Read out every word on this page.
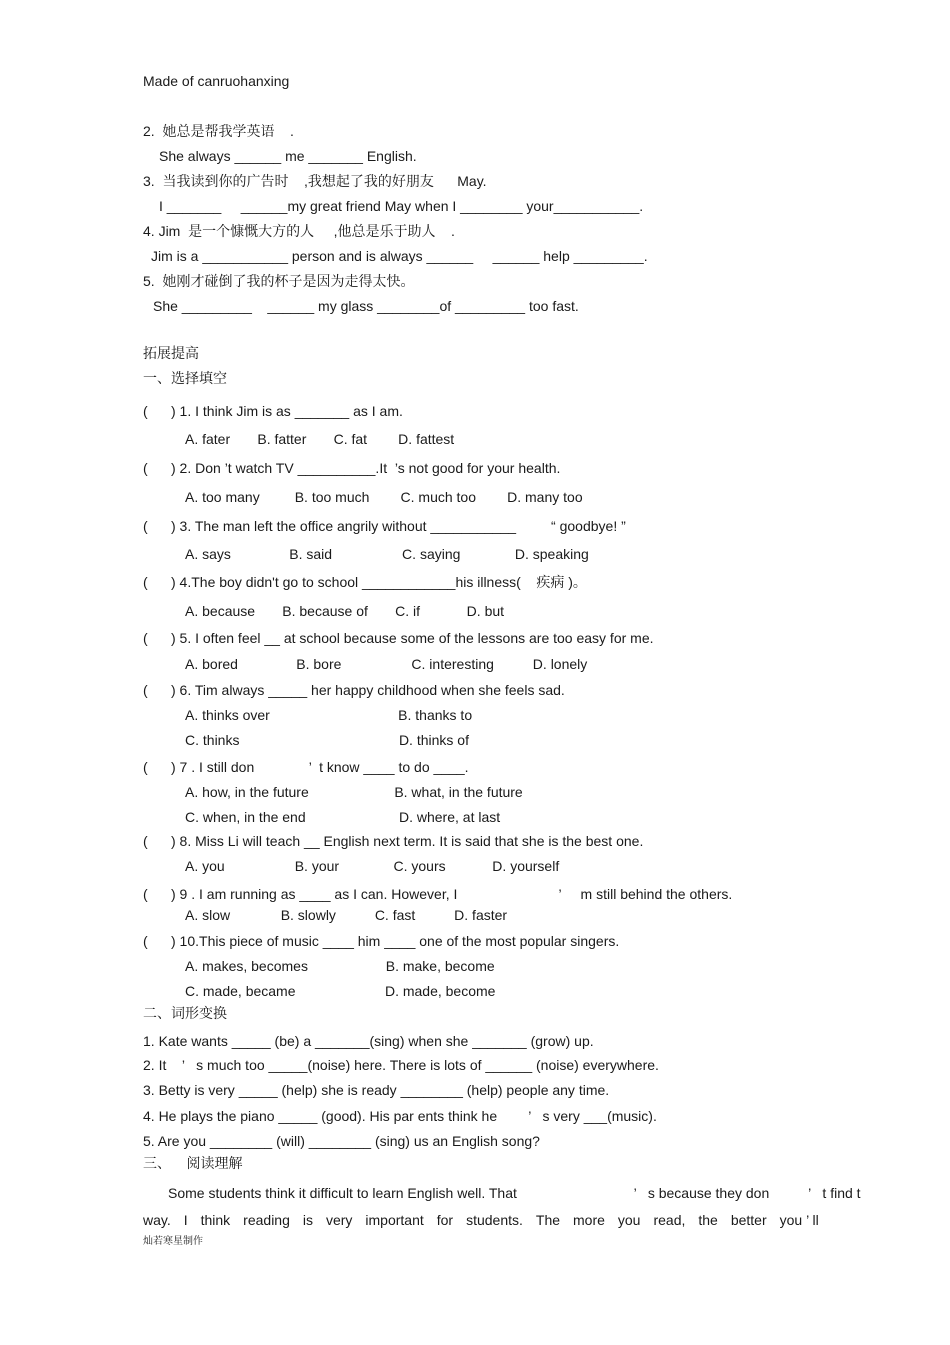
Made of canruohanxing
2.  她总是帮我学英语    .
She always ______ me _______ English.
3.  当我读到你的广告时    ,我想起了我的好朋友      May.
I _______     ______my great friend May when I ________ your___________.
4. Jim  是一个慷慨大方的人     ,他总是乐于助人    .
Jim is a ___________ person and is always ______     ______ help _________.
5.  她刚才碰倒了我的杯子是因为走得太快。
She _________    ______ my glass ________of _________ too fast.
拓展提高
一、选择填空
(      ) 1. I think Jim is as _______ as I am.
A. fater       B. fatter       C. fat        D. fattest
(      ) 2. Don ’t watch TV __________.It  ’s not good for your health.
A. too many         B. too much        C. much too        D. many too
(      ) 3. The man left the office angrily without ___________         “ goodbye! ”
A. says               B. said                  C. saying              D. speaking
(      ) 4.The boy didn't go to school ____________his illness(    疾病 )。
A. because       B. because of       C. if            D. but
(      ) 5. I often feel __ at school because some of the lessons are too easy for me.
A. bored               B. bore                  C. interesting          D. lonely
(      ) 6. Tim always _____ her happy childhood when she feels sad.
A. thinks over                                 B. thanks to
C. thinks                                         D. thinks of
(      ) 7 . I still don              ’  t know ____ to do ____.
A. how, in the future                      B. what, in the future
C. when, in the end                        D. where, at last
(      ) 8. Miss Li will teach __ English next term. It is said that she is the best one.
A. you                  B. your              C. yours            D. yourself
(      ) 9 . I am running as ____ as I can. However, I                          ’     m still behind the others.
A. slow             B. slowly          C. fast          D. faster
(      ) 10.This piece of music ____ him ____ one of the most popular singers.
A. makes, becomes                    B. make, become
C. made, became                       D. made, become
二、词形变换
1. Kate wants _____ (be) a _______(sing) when she _______ (grow) up.
2. It    ’   s much too _____(noise) here. There is lots of ______ (noise) everywhere.
3. Betty is very _____ (help) she is ready ________ (help) people any time.
4. He plays the piano _____ (good). His par ents think he        ’   s very ___(music).
5. Are you ________ (will) ________ (sing) us an English song?
三、    阅读理解
Some students think it difficult to learn English well. That                              ’   s because they don          ’   t find t
way. I think reading is very important for students. The more you read, the better you ’ ll
灿若寒星制作
